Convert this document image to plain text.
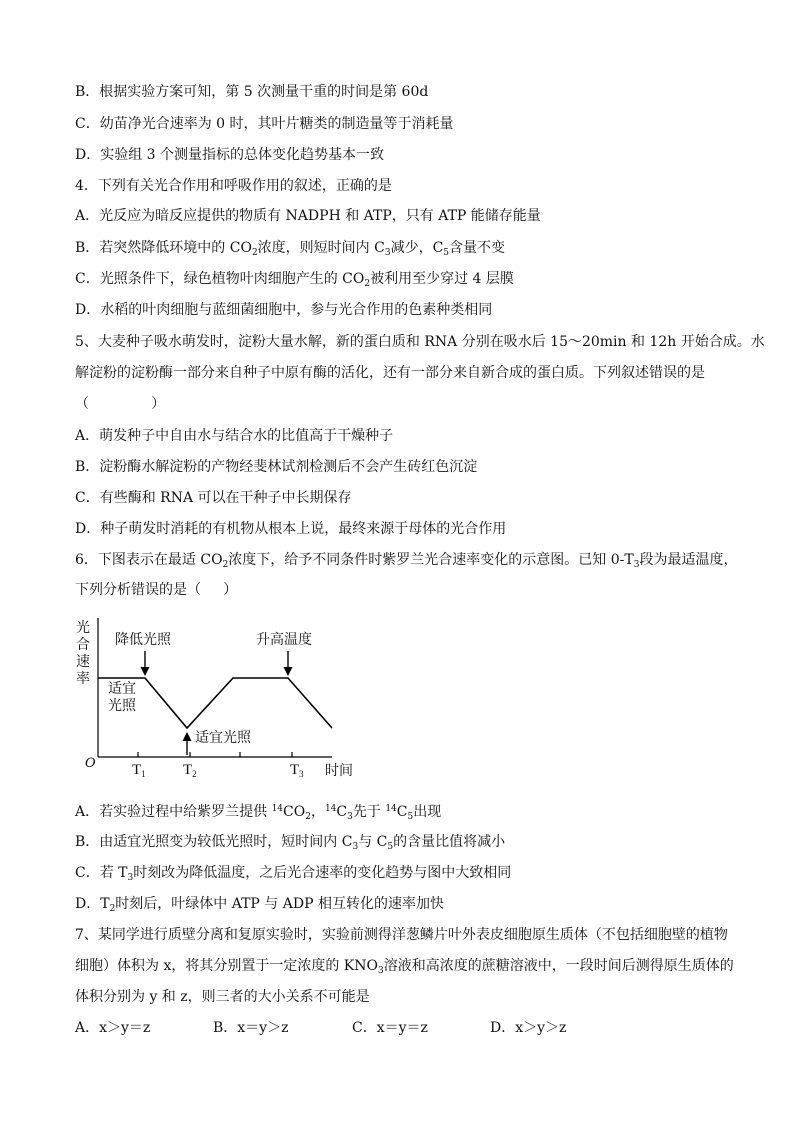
B．根据实验方案可知，第 5 次测量干重的时间是第 60d
C．幼苗净光合速率为 0 时，其叶片糖类的制造量等于消耗量
D．实验组 3 个测量指标的总体变化趋势基本一致
4．下列有关光合作用和呼吸作用的叙述，正确的是
A．光反应为暗反应提供的物质有 NADPH 和 ATP，只有 ATP 能储存能量
B．若突然降低环境中的 $CO_2$浓度，则短时间内 $C_3$减少，$C_5$含量不变
C．光照条件下，绿色植物叶肉细胞产生的 $CO_2$被利用至少穿过 4 层膜
D．水稻的叶肉细胞与蓝细菌细胞中，参与光合作用的色素种类相同
5、大麦种子吸水萌发时，淀粉大量水解，新的蛋白质和 RNA 分别在吸水后 15～20min 和 12h 开始合成。水
解淀粉的淀粉酶一部分来自种子中原有酶的活化，还有一部分来自新合成的蛋白质。下列叙述错误的是
（              ）
A．萌发种子中自由水与结合水的比值高于干燥种子
B．淀粉酶水解淀粉的产物经斐林试剂检测后不会产生砖红色沉淀
C．有些酶和 RNA 可以在干种子中长期保存
D．种子萌发时消耗的有机物从根本上说，最终来源于母体的光合作用
6．下图表示在最适 $CO_2$浓度下，给予不同条件时紫罗兰光合速率变化的示意图。已知 $0-T_3$段为最适温度，
下列分析错误的是（     ）
光合速率
O $T_1$ $T_2$	$T_3$ 时间
降低光照	升高温度
适宜光照
适宜光照
A．若实验过程中给紫罗兰提供 $^{14}CO_2$，$^{14}C_3$先于 $^{14}C_5$出现
B．由适宜光照变为较低光照时，短时间内 $C_3$与 $C_5$的含量比值将减小
C．若 $T_3$时刻改为降低温度，之后光合速率的变化趋势与图中大致相同
D．$T_2$时刻后，叶绿体中 ATP 与 ADP 相互转化的速率加快
7、某同学进行质壁分离和复原实验时，实验前测得洋葱鳞片叶外表皮细胞原生质体（不包括细胞壁的植物
细胞）体积为 x，将其分别置于一定浓度的 $KNO_3$溶液和高浓度的蔗糖溶液中，一段时间后测得原生质体的
体积分别为 y 和 z，则三者的大小关系不可能是
A．x＞y＝z	B．x＝y＞z	C．x＝y＝z	D．x＞y＞z
